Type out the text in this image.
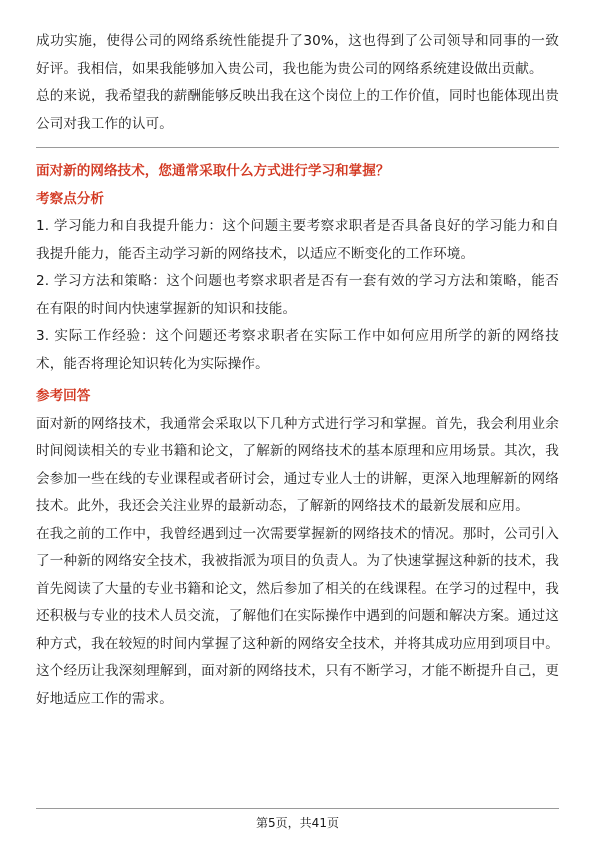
成功实施，使得公司的网络系统性能提升了30%，这也得到了公司领导和同事的一致好评。我相信，如果我能够加入贵公司，我也能为贵公司的网络系统建设做出贡献。

总的来说，我希望我的薪酬能够反映出我在这个岗位上的工作价值，同时也能体现出贵公司对我工作的认可。

面对新的网络技术，您通常采取什么方式进行学习和掌握？
考察点分析

1. 学习能力和自我提升能力：这个问题主要考察求职者是否具备良好的学习能力和自我提升能力，能否主动学习新的网络技术，以适应不断变化的工作环境。

2. 学习方法和策略：这个问题也考察求职者是否有一套有效的学习方法和策略，能否在有限的时间内快速掌握新的知识和技能。

3. 实际工作经验：这个问题还考察求职者在实际工作中如何应用所学的新的网络技术，能否将理论知识转化为实际操作。

参考回答

面对新的网络技术，我通常会采取以下几种方式进行学习和掌握。首先，我会利用业余时间阅读相关的专业书籍和论文，了解新的网络技术的基本原理和应用场景。其次，我会参加一些在线的专业课程或者研讨会，通过专业人士的讲解，更深入地理解新的网络技术。此外，我还会关注业界的最新动态，了解新的网络技术的最新发展和应用。

在我之前的工作中，我曾经遇到过一次需要掌握新的网络技术的情况。那时，公司引入了一种新的网络安全技术，我被指派为项目的负责人。为了快速掌握这种新的技术，我首先阅读了大量的专业书籍和论文，然后参加了相关的在线课程。在学习的过程中，我还积极与专业的技术人员交流，了解他们在实际操作中遇到的问题和解决方案。通过这种方式，我在较短的时间内掌握了这种新的网络安全技术，并将其成功应用到项目中。这个经历让我深刻理解到，面对新的网络技术，只有不断学习，才能不断提升自己，更好地适应工作的需求。

第5页，共41页
